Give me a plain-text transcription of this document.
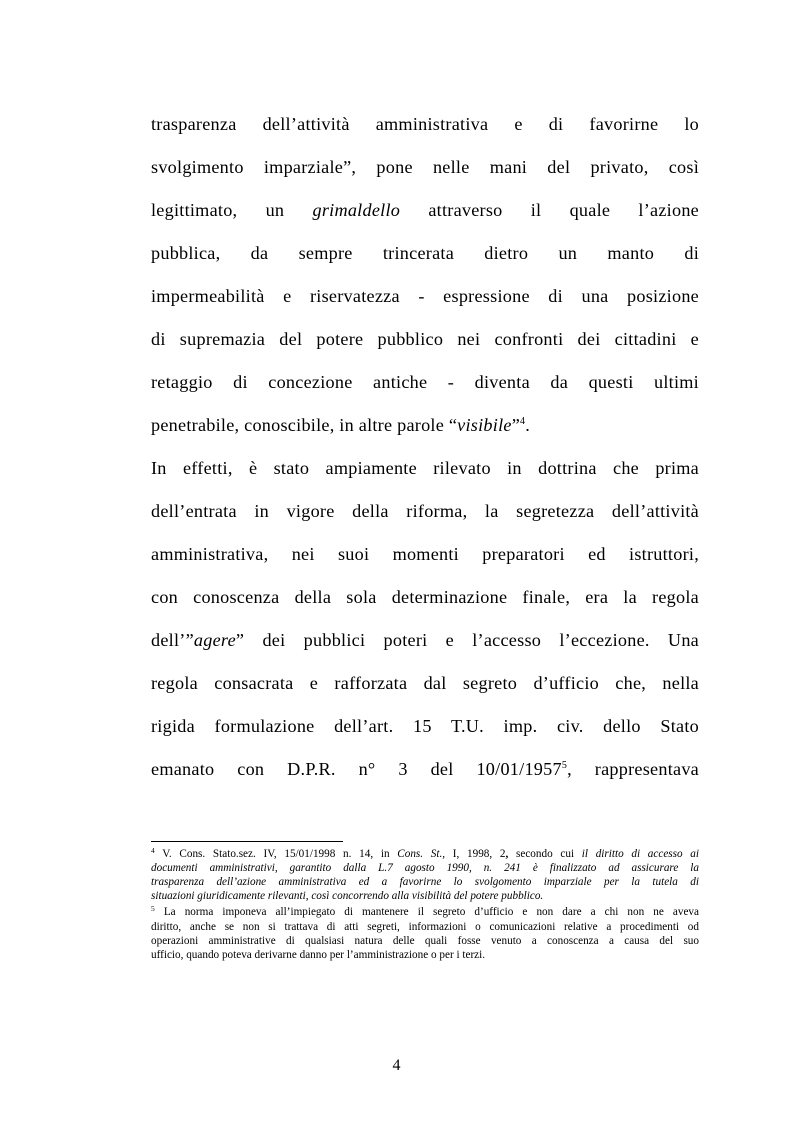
trasparenza dell’attività amministrativa e di favorirne lo
svolgimento imparziale”, pone nelle mani del privato, così
legittimato, un grimaldello attraverso il quale l’azione
pubblica, da sempre trincerata dietro un manto di
impermeabilità e riservatezza - espressione di una posizione
di supremazia del potere pubblico nei confronti dei cittadini e
retaggio di concezione antiche - diventa da questi ultimi
penetrabile, conoscibile, in altre parole “visibile”$^4$.
In effetti, è stato ampiamente rilevato in dottrina che prima
dell’entrata in vigore della riforma, la segretezza dell’attività
amministrativa, nei suoi momenti preparatori ed istruttori,
con conoscenza della sola determinazione finale, era la regola
dell’”agere” dei pubblici poteri e l’accesso l’eccezione. Una
regola consacrata e rafforzata dal segreto d’ufficio che, nella
rigida formulazione dell’art. 15 T.U. imp. civ. dello Stato
emanato con D.P.R. n° 3 del 10/01/1957$^5$, rappresentava
$^4$ V. Cons. Stato.sez. IV, 15/01/1998 n. 14, in Cons. St., I, 1998, 2, secondo cui il diritto di accesso ai
documenti amministrativi, garantito dalla L.7 agosto 1990, n. 241 è finalizzato ad assicurare la
trasparenza dell’azione amministrativa ed a favorirne lo svolgomento imparziale per la tutela di
situazioni giuridicamente rilevanti, così concorrendo alla visibilità del potere pubblico.
$^5$ La norma imponeva all’impiegato di mantenere il segreto d’ufficio e non dare a chi non ne aveva
diritto, anche se non si trattava di atti segreti, informazioni o comunicazioni relative a procedimenti od
operazioni amministrative di qualsiasi natura delle quali fosse venuto a conoscenza a causa del suo
ufficio, quando poteva derivarne danno per l’amministrazione o per i terzi.
4
